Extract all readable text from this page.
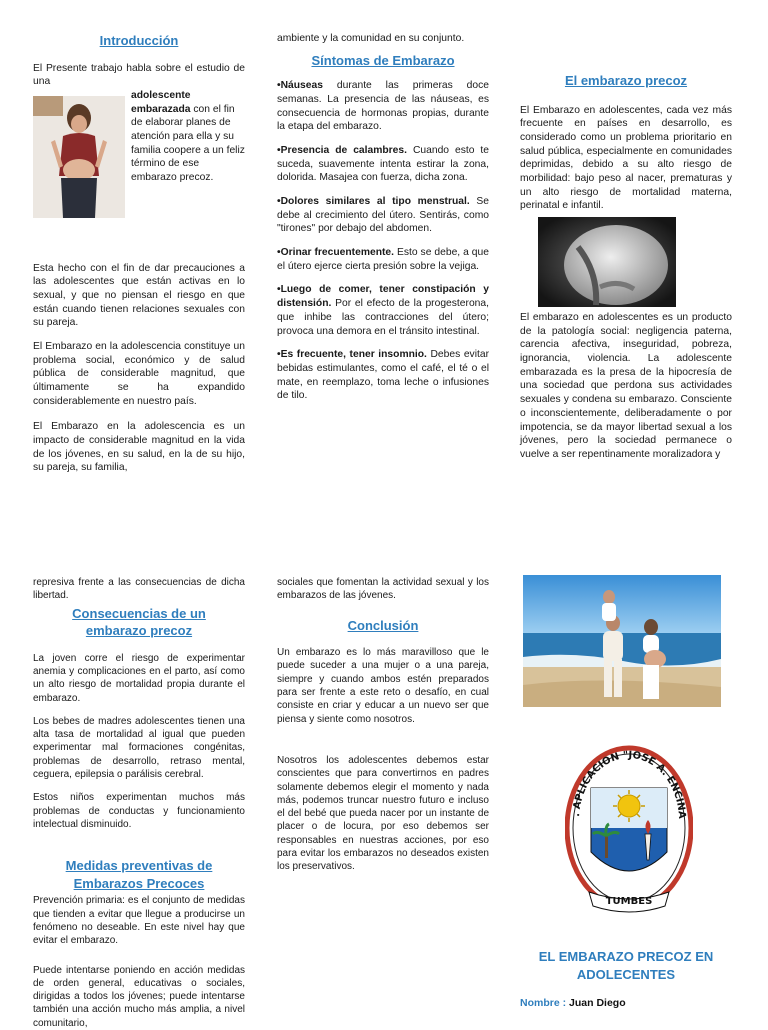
Introducción

El Presente trabajo habla sobre el estudio de una

adolescente embarazada con el fin de elaborar planes de atención para ella y su familia coopere a un feliz término de ese embarazo precoz.

Esta hecho con el fin de dar precauciones a las adolescentes que están activas en lo sexual, y que no piensan el riesgo en que están cuando tienen relaciones sexuales con su pareja.

El Embarazo en la adolescencia constituye un problema social, económico y de salud pública de considerable magnitud, que últimamente se ha expandido considerablemente en nuestro país.

El Embarazo en la adolescencia es un impacto de considerable magnitud en la vida de los jóvenes, en su salud, en la de su hijo, su pareja, su familia,

ambiente y la comunidad en su conjunto.

Síntomas de Embarazo

•Náuseas durante las primeras doce semanas. La presencia de las náuseas, es consecuencia de hormonas propias, durante la etapa del embarazo.

•Presencia de calambres. Cuando esto te suceda, suavemente intenta estirar la zona, dolorida. Masajea con fuerza, dicha zona.

•Dolores similares al tipo menstrual. Se debe al crecimiento del útero. Sentirás, como "tirones" por debajo del abdomen.

•Orinar frecuentemente. Esto se debe, a que el útero ejerce cierta presión sobre la vejiga.

•Luego de comer, tener constipación y distensión. Por el efecto de la progesterona, que inhibe las contracciones del útero; provoca una demora en el tránsito intestinal.

•Es frecuente, tener insomnio. Debes evitar bebidas estimulantes, como el café, el té o el mate, en reemplazo, toma leche o infusiones de tilo.

El embarazo precoz

El Embarazo en adolescentes, cada vez más frecuente en países en desarrollo, es considerado como un problema prioritario en salud pública, especialmente en comunidades deprimidas, debido a su alto riesgo de morbilidad: bajo peso al nacer, prematuras y un alto riesgo de mortalidad materna, perinatal e infantil.

El embarazo en adolescentes es un producto de la patología social: negligencia paterna, carencia afectiva, inseguridad, pobreza, ignorancia, violencia. La adolescente embarazada es la presa de la hipocresía de una sociedad que perdona sus actividades sexuales y condena su embarazo. Consciente o inconscientemente, deliberadamente o por impotencia, se da mayor libertad sexual a los jóvenes, pero la sociedad permanece o vuelve a ser repentinamente moralizadora y

represiva frente a las consecuencias de dicha libertad.

Consecuencias de un embarazo precoz

La joven corre el riesgo de experimentar anemia y complicaciones en el parto, así como un alto riesgo de mortalidad propia durante el embarazo.

Los bebes de madres adolescentes tienen una alta tasa de mortalidad al igual que pueden experimentar mal formaciones congénitas, problemas de desarrollo, retraso mental, ceguera, epilepsia o parálisis cerebral.

Estos niños experimentan muchos más problemas de conductas y funcionamiento intelectual disminuido.

Medidas preventivas de Embarazos Precoces

Prevención primaria: es el conjunto de medidas que tienden a evitar que llegue a producirse un fenómeno no deseable. En este nivel hay que evitar el embarazo.

Puede intentarse poniendo en acción medidas de orden general, educativas o sociales, dirigidas a todos los jóvenes; puede intentarse también una acción mucho más amplia, a nivel comunitario,

sociales que fomentan la actividad sexual y los embarazos de las jóvenes.

Conclusión

Un embarazo es lo más maravilloso que le puede suceder a una mujer o a una pareja, siempre y cuando ambos estén preparados para ser frente a este reto o desafío, en cual consiste en criar y educar a un nuevo ser que piensa y siente como nosotros.

Nosotros los adolescentes debemos estar conscientes que para convertirnos en padres solamente debemos elegir el momento y nada más, podemos truncar nuestro futuro e incluso el del bebé que pueda nacer por un instante de placer o de locura, por eso debemos ser responsables en nuestras acciones, por eso para evitar los embarazos no deseados existen los preservativos.

. APLICACION "JOSE A. ENCINA
TUMBES
EL EMBARAZO PRECOZ EN ADOLECENTES
Nombre : Juan Diego
